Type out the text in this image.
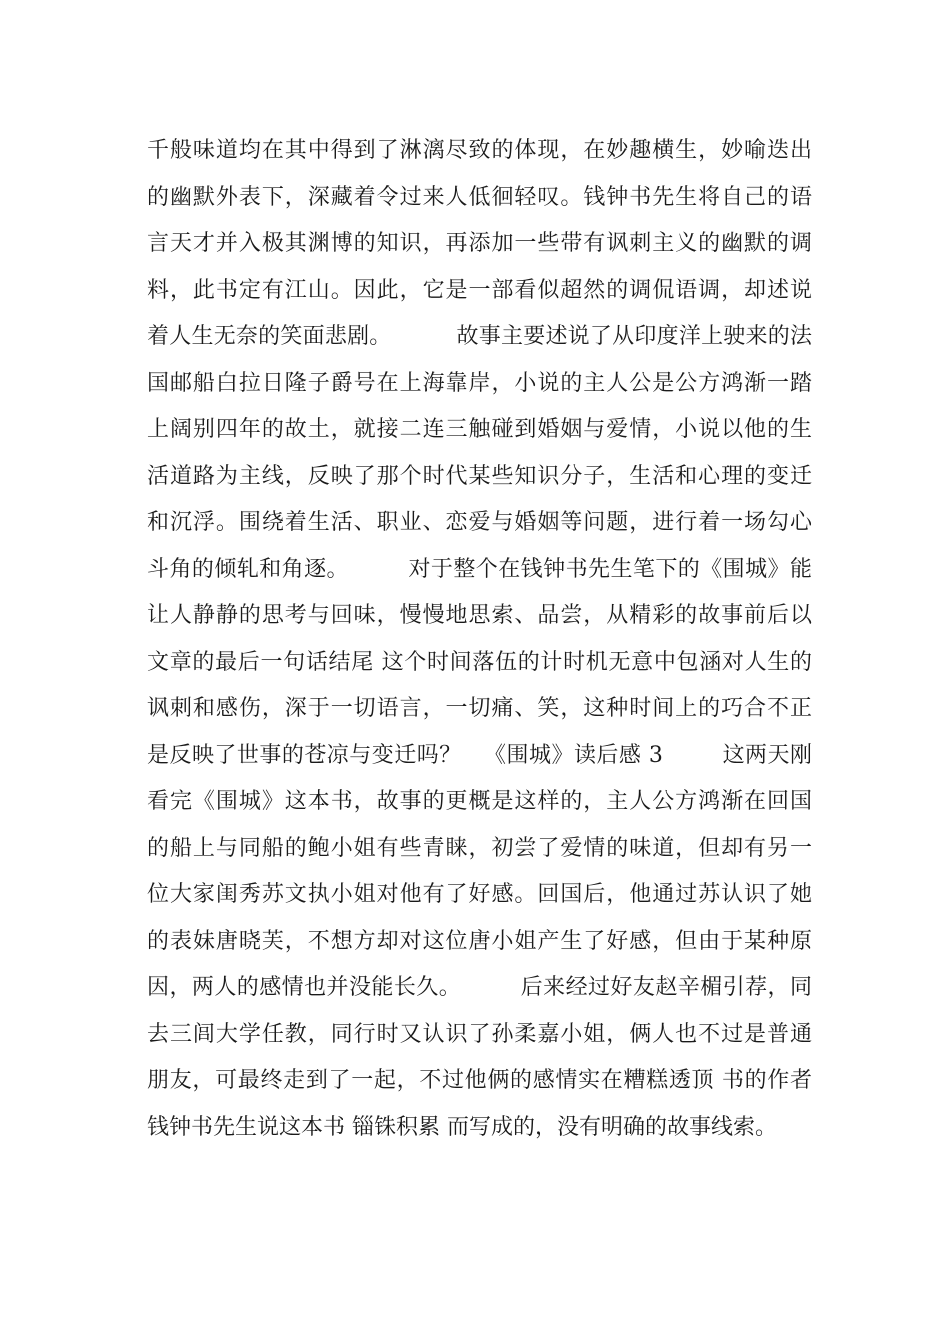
千般味道均在其中得到了淋漓尽致的体现，在妙趣横生，妙喻迭出
的幽默外表下，深藏着令过来人低徊轻叹。钱钟书先生将自己的语
言天才并入极其渊博的知识，再添加一些带有讽刺主义的幽默的调
料，此书定有江山。因此，它是一部看似超然的调侃语调，却述说
着人生无奈的笑面悲剧。         故事主要述说了从印度洋上驶来的法
国邮船白拉日隆子爵号在上海靠岸，小说的主人公是公方鸿渐一踏
上阔别四年的故土，就接二连三触碰到婚姻与爱情，小说以他的生
活道路为主线，反映了那个时代某些知识分子，生活和心理的变迁
和沉浮。围绕着生活、职业、恋爱与婚姻等问题，进行着一场勾心
斗角的倾轧和角逐。        对于整个在钱钟书先生笔下的《围城》能
让人静静的思考与回味，慢慢地思索、品尝，从精彩的故事前后以
文章的最后一句话结尾 这个时间落伍的计时机无意中包涵对人生的
讽刺和感伤，深于一切语言，一切痛、笑，这种时间上的巧合不正
是反映了世事的苍凉与变迁吗？   《围城》读后感 3        这两天刚
看完《围城》这本书，故事的更概是这样的，主人公方鸿渐在回国
的船上与同船的鲍小姐有些青睐，初尝了爱情的味道，但却有另一
位大家闺秀苏文执小姐对他有了好感。回国后，他通过苏认识了她
的表妹唐晓芙，不想方却对这位唐小姐产生了好感，但由于某种原
因，两人的感情也并没能长久。        后来经过好友赵辛楣引荐，同
去三闾大学任教，同行时又认识了孙柔嘉小姐，俩人也不过是普通
朋友，可最终走到了一起，不过他俩的感情实在糟糕透顶 书的作者
钱钟书先生说这本书 锱铢积累 而写成的，没有明确的故事线索。
